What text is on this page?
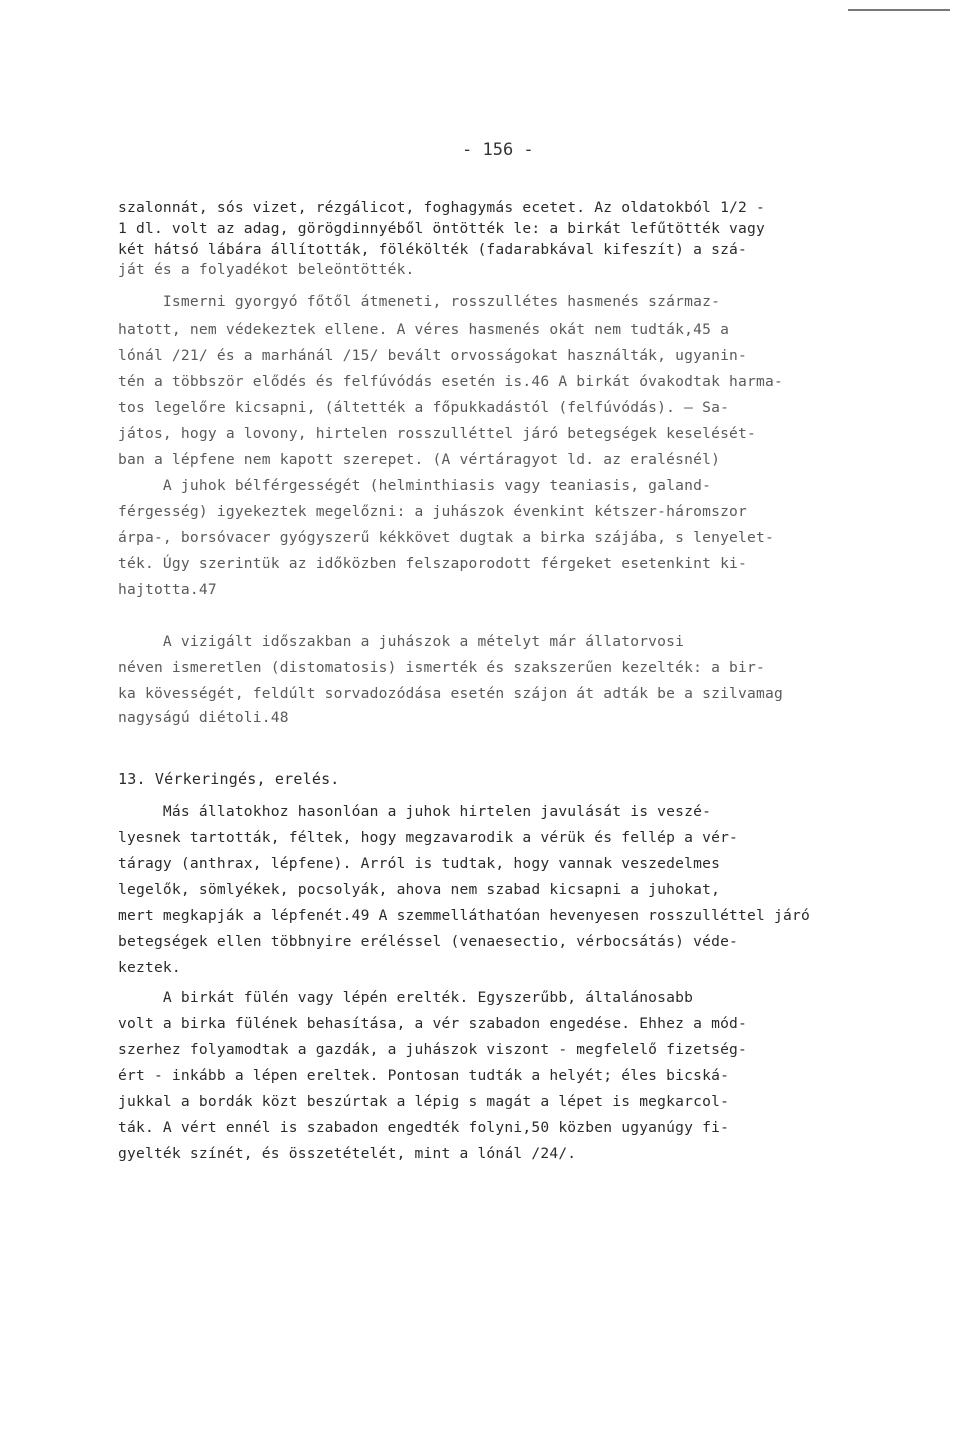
- 156 -
szalonnát, sós vizet, rézgálicot, foghagymás ecetet. Az oldatokból 1/2 -
1 dl. volt az adag, görögdinnyéből öntötték le: a birkát lefűtötték vagy
két hátsó lábára állították, fölékölték (fadarabkával kifeszít) a szá-
ját és a folyadékot beleöntötték.
Ismerni gyorgyó főtől átmeneti, rosszullétes hasmenés származ-
hatott, nem védekeztek ellene. A véres hasmenés okát nem tudták,45 a
lónál /21/ és a marhánál /15/ bevált orvosságokat használták, ugyanin-
tén a többször elődés és felfúvódás esetén is.46 A birkát óvakodtak harma-
tos legelőre kicsapni, (áltették a főpukkadástól (felfúvódás). — Sa-
játos, hogy a lovony, hirtelen rosszulléttel járó betegségek keselését-
ban a lépfene nem kapott szerepet. (A vértáragyot ld. az eralésnél)
A juhok bélférgességét (helminthiasis vagy teaniasis, galand-
férgesség) igyekeztek megelőzni: a juhászok évenkint kétszer-háromszor
árpa-, borsóvacer gyógyszerű kékkövet dugtak a birka szájába, s lenyelet-
ték. Úgy szerintük az időközben felszaporodott férgeket esetenkint ki-
hajtotta.47
A vizigált időszakban a juhászok a mételyt már állatorvosi
néven ismeretlen (distomatosis) ismerték és szakszerűen kezelték: a bir-
ka kövességét, feldúlt sorvadozódása esetén szájon át adták be a szilvamag
nagyságú diétoli.48
13. Vérkeringés, erelés.
Más állatokhoz hasonlóan a juhok hirtelen javulását is veszé-
lyesnek tartották, féltek, hogy megzavarodik a vérük és fellép a vér-
táragy (anthrax, lépfene). Arról is tudtak, hogy vannak veszedelmes
legelők, sömlyékek, pocsolyák, ahova nem szabad kicsapni a juhokat,
mert megkapják a lépfenét.49 A szemmelláthatóan hevenyesen rosszulléttel járó
betegségek ellen többnyire eréléssel (venaesectio, vérbocsátás) véde-
keztek.
A birkát fülén vagy lépén erelték. Egyszerűbb, általánosabb
volt a birka fülének behasítása, a vér szabadon engedése. Ehhez a mód-
szerhez folyamodtak a gazdák, a juhászok viszont - megfelelő fizetség-
ért - inkább a lépen ereltek. Pontosan tudták a helyét; éles bicská-
jukkal a bordák közt beszúrtak a lépig s magát a lépet is megkarcol-
ták. A vért ennél is szabadon engedték folyni,50 közben ugyanúgy fi-
gyelték színét, és összetételét, mint a lónál /24/.
